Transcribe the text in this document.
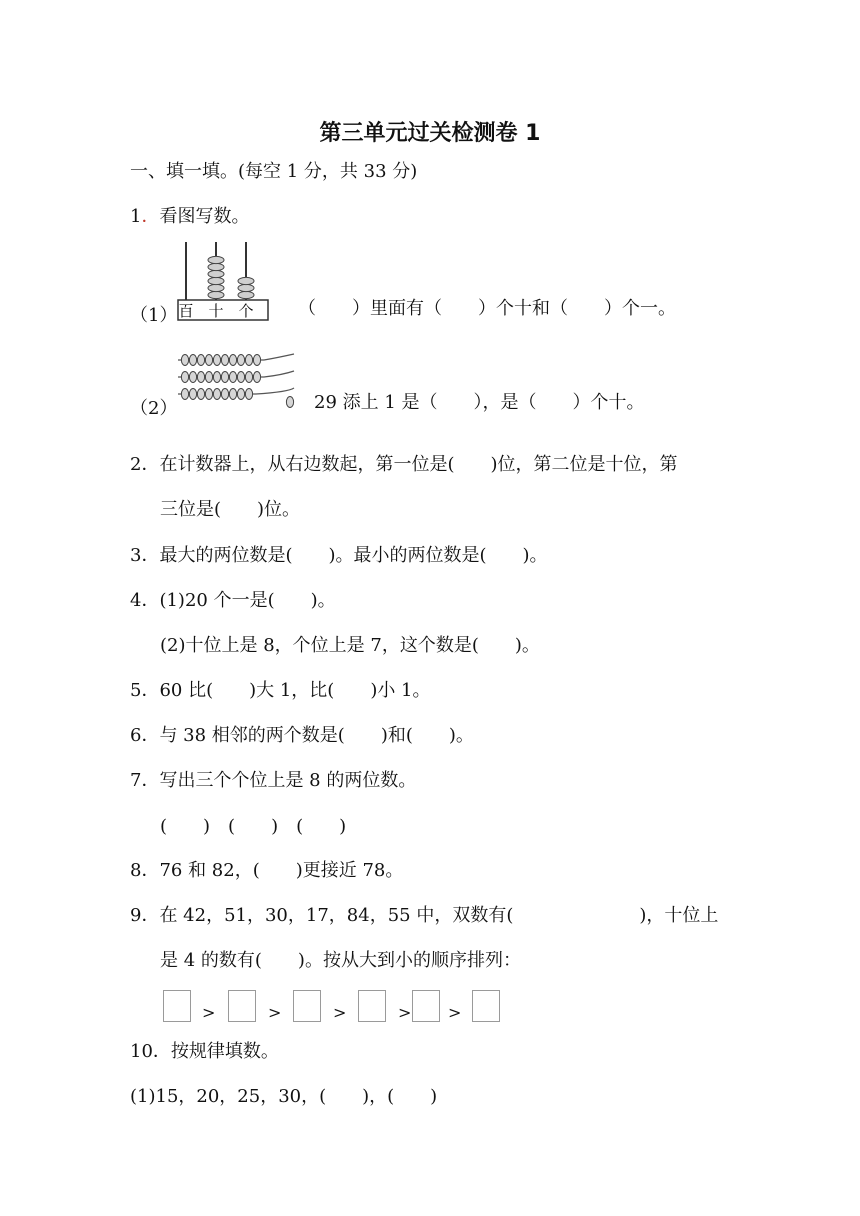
第三单元过关检测卷 1
一、填一填。(每空 1 分，共 33 分)
1．看图写数。
（1） 百 十 个 （　　）里面有（　　）个十和（　　）个一。
（2）	29 添上 1 是（　　），是（　　）个十。
2．在计数器上，从右边数起，第一位是(　　)位，第二位是十位，第
三位是(　　)位。
3．最大的两位数是(　　)。最小的两位数是(　　)。
4．(1)20 个一是(　　)。
(2)十位上是 8，个位上是 7，这个数是(　　)。
5．60 比(　　)大 1，比(　　)小 1。
6．与 38 相邻的两个数是(　　)和(　　)。
7．写出三个个位上是 8 的两位数。
(　　)　(　　)　(　　)
8．76 和 82，(　　)更接近 78。
9．在 42，51，30，17，84，55 中，双数有(　　　　　　　)，十位上
是 4 的数有(　　)。按从大到小的顺序排列：
>	>	>	> >
10．按规律填数。
(1)15，20，25，30，(　　)，(　　)
